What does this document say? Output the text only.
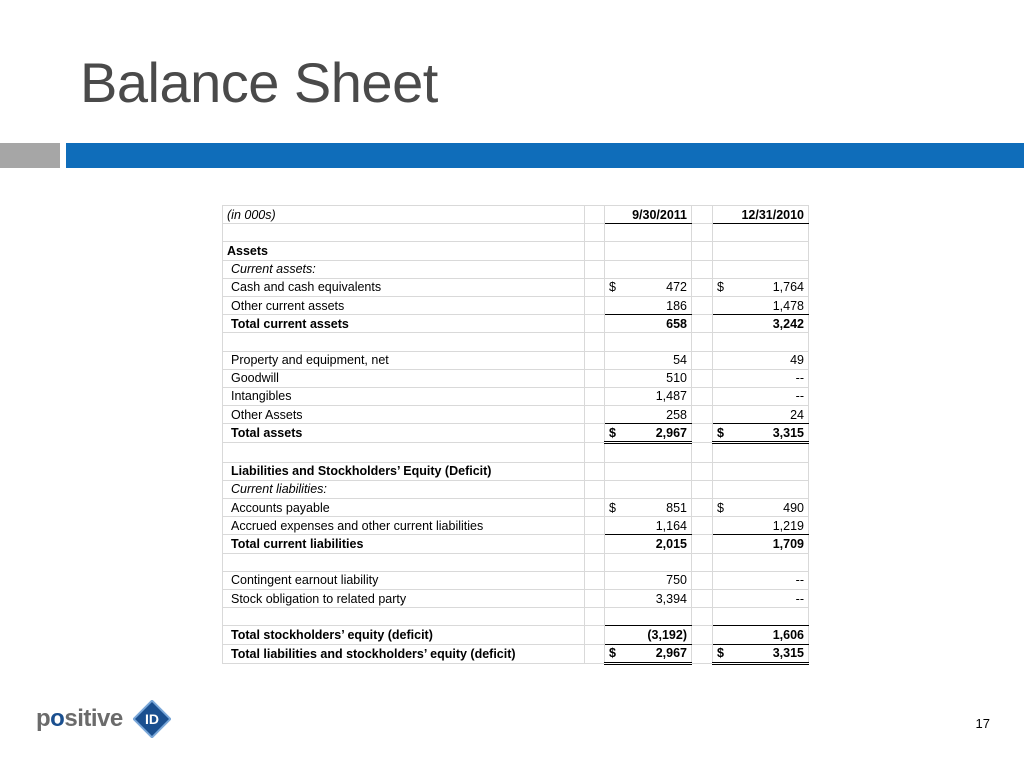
Balance Sheet
(in 000s)		9/30/2011		12/31/2010

Assets				
Current assets:				
Cash and cash equivalents		$ 472		$ 1,764
Other current assets		186		1,478
Total current assets		658		3,242

Property and equipment, net		54		49
Goodwill		510		--
Intangibles		1,487		--
Other Assets		258		24
Total assets		$ 2,967		$ 3,315

Liabilities and Stockholders’ Equity (Deficit)				
Current liabilities:				
Accounts payable		$ 851		$ 490
Accrued expenses and other current liabilities		1,164		1,219
Total current liabilities		2,015		1,709

Contingent earnout liability		750		--
Stock obligation to related party		3,394		--

Total stockholders’ equity (deficit)		(3,192)		1,606
Total liabilities and stockholders’ equity (deficit)		$ 2,967		$ 3,315
positive ID	17
